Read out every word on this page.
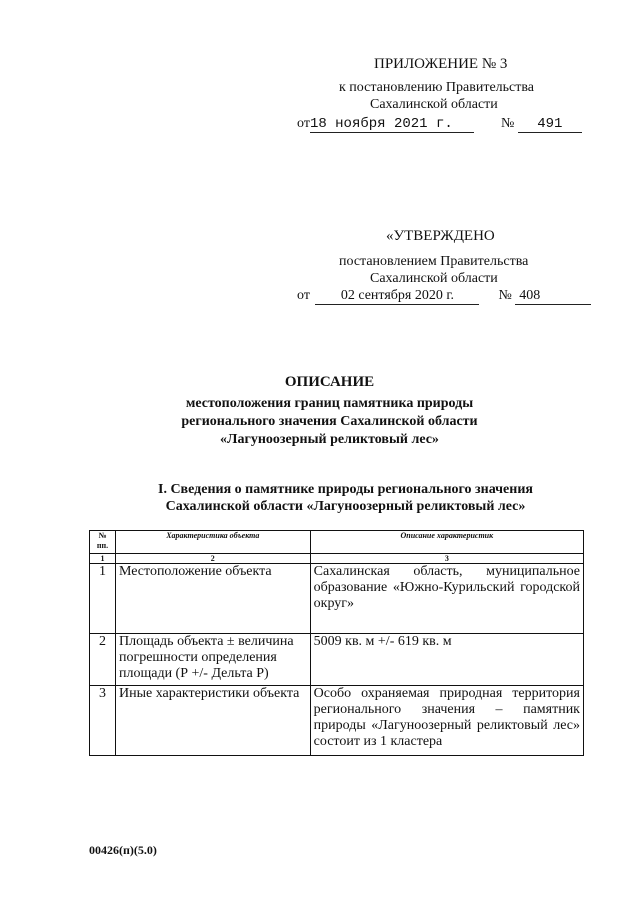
ПРИЛОЖЕНИЕ № 3
к постановлению Правительства
Сахалинской области
от18 ноября 2021 г.	№ 491
«УТВЕРЖДЕНО
постановлением Правительства
Сахалинской области
от 02 сентября 2020 г.	№ 408
ОПИСАНИЕ
местоположения границ памятника природы
регионального значения Сахалинской области
«Лагуноозерный реликтовый лес»
I. Сведения о памятнике природы регионального значения
Сахалинской области «Лагуноозерный реликтовый лес»
№ пп.	Характеристика объекта	Описание характеристик
1	2	3
1	Местоположение объекта	Сахалинская область, муниципальное образование «Южно-Курильский городской округ»
2	Площадь объекта ± величина погрешности определения площади (Р +/- Дельта Р)	5009 кв. м +/- 619 кв. м
3	Иные характеристики объекта	Особо охраняемая природная территория регионального значения – памятник природы «Лагуноозерный реликтовый лес» состоит из 1 кластера
00426(п)(5.0)
